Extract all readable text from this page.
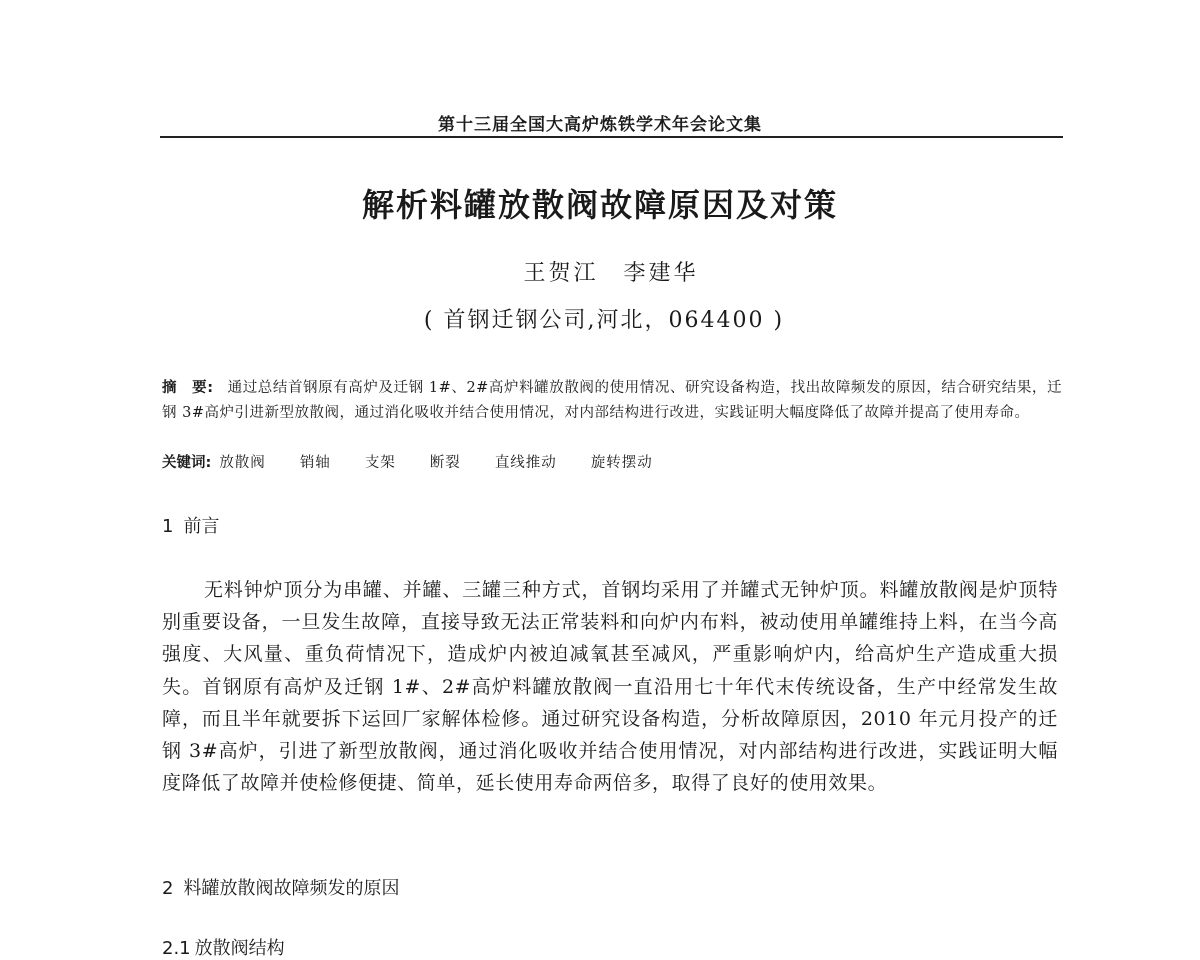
第十三届全国大高炉炼铁学术年会论文集
解析料罐放散阀故障原因及对策
王贺江　李建华
( 首钢迁钢公司,河北，064400 )
摘　要: 通过总结首钢原有高炉及迁钢 1#、2#高炉料罐放散阀的使用情况、研究设备构造，找出故障频发的原因，结合研究结果，迁钢 3#高炉引进新型放散阀，通过消化吸收并结合使用情况，对内部结构进行改进，实践证明大幅度降低了故障并提高了使用寿命。
关键词: 放散阀 销轴 支架 断裂 直线推动 旋转摆动
1 前言
无料钟炉顶分为串罐、并罐、三罐三种方式，首钢均采用了并罐式无钟炉顶。料罐放散阀是炉顶特别重要设备，一旦发生故障，直接导致无法正常装料和向炉内布料，被动使用单罐维持上料，在当今高强度、大风量、重负荷情况下，造成炉内被迫减氧甚至减风，严重影响炉内，给高炉生产造成重大损失。首钢原有高炉及迁钢 1#、2#高炉料罐放散阀一直沿用七十年代末传统设备，生产中经常发生故障，而且半年就要拆下运回厂家解体检修。通过研究设备构造，分析故障原因，2010 年元月投产的迁钢 3#高炉，引进了新型放散阀，通过消化吸收并结合使用情况，对内部结构进行改进，实践证明大幅度降低了故障并使检修便捷、简单，延长使用寿命两倍多，取得了良好的使用效果。
2 料罐放散阀故障频发的原因
2.1 放散阀结构
